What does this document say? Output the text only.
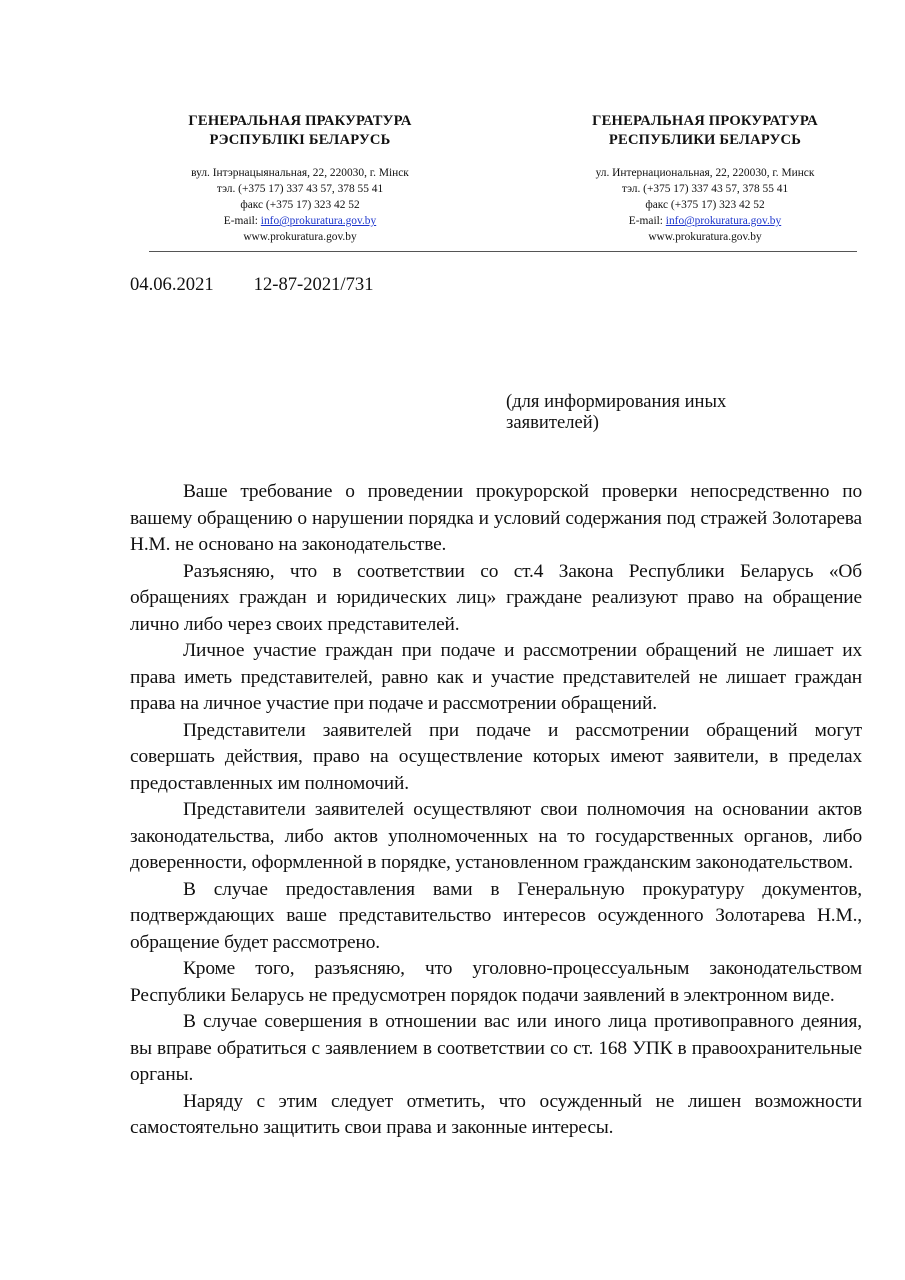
ГЕНЕРАЛЬНАЯ ПРАКУРАТУРА

РЭСПУБЛІКІ БЕЛАРУСЬ

вул. Інтэрнацыянальная, 22, 220030, г. Мінск
тэл. (+375 17) 337 43 57, 378 55 41
факс (+375 17) 323 42 52
E-mail: info@prokuratura.gov.by
www.prokuratura.gov.by

ГЕНЕРАЛЬНАЯ ПРОКУРАТУРА

РЕСПУБЛИКИ БЕЛАРУСЬ

ул. Интернациональная, 22, 220030, г. Минск
тэл. (+375 17) 337 43 57, 378 55 41
факс (+375 17) 323 42 52
E-mail: info@prokuratura.gov.by
www.prokuratura.gov.by
04.06.2021 12-87-2021/731
(для информирования иных
заявителей)

Ваше требование о проведении прокурорской проверки непосредственно по вашему обращению о нарушении порядка и условий содержания под стражей Золотарева Н.М. не основано на законодательстве.

Разъясняю, что в соответствии со ст.4 Закона Республики Беларусь «Об обращениях граждан и юридических лиц» граждане реализуют право на обращение лично либо через своих представителей.

Личное участие граждан при подаче и рассмотрении обращений не лишает их права иметь представителей, равно как и участие представителей не лишает граждан права на личное участие при подаче и рассмотрении обращений.

Представители заявителей при подаче и рассмотрении обращений могут совершать действия, право на осуществление которых имеют заявители, в пределах предоставленных им полномочий.

Представители заявителей осуществляют свои полномочия на основании актов законодательства, либо актов уполномоченных на то государственных органов, либо доверенности, оформленной в порядке, установленном гражданским законодательством.

В случае предоставления вами в Генеральную прокуратуру документов, подтверждающих ваше представительство интересов осужденного Золотарева Н.М., обращение будет рассмотрено.

Кроме того, разъясняю, что уголовно-процессуальным законодательством Республики Беларусь не предусмотрен порядок подачи заявлений в электронном виде.

В случае совершения в отношении вас или иного лица противоправного деяния, вы вправе обратиться с заявлением в соответствии со ст. 168 УПК в правоохранительные органы.

Наряду с этим следует отметить, что осужденный не лишен возможности самостоятельно защитить свои права и законные интересы.
